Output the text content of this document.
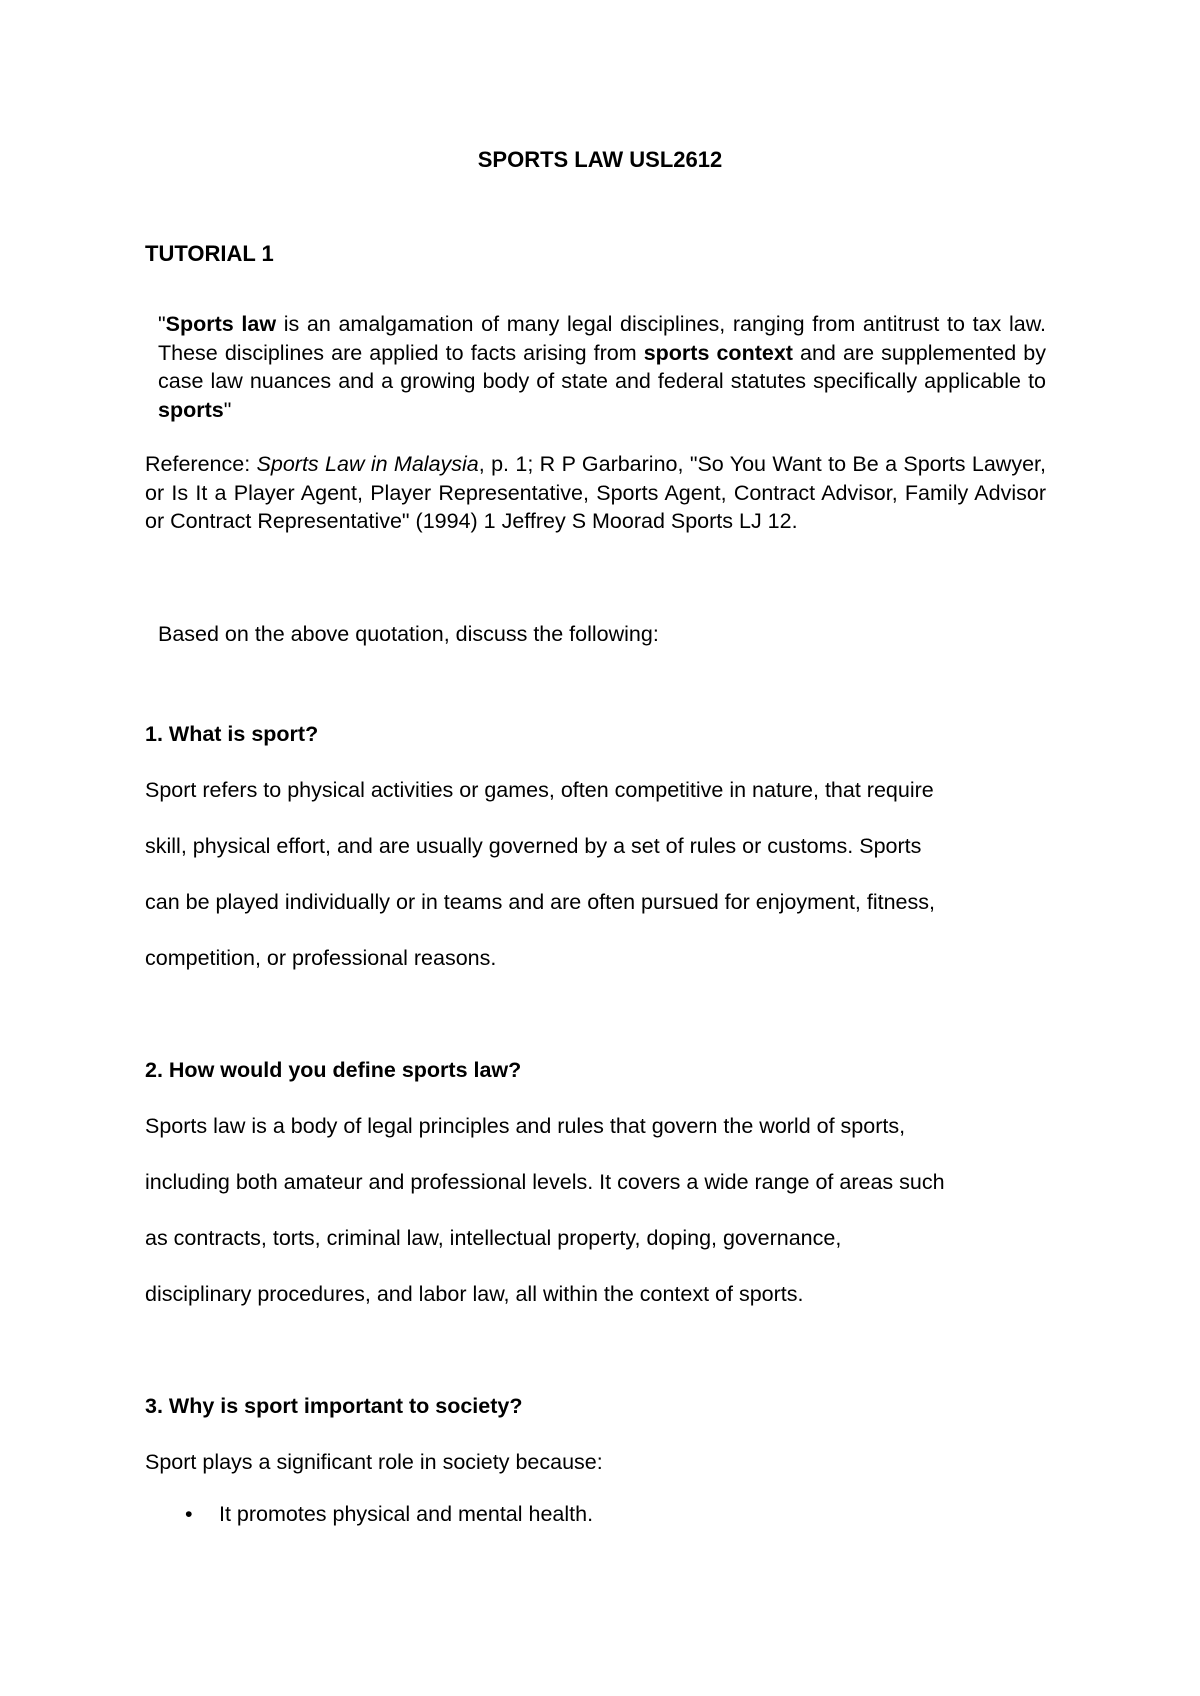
SPORTS LAW USL2612
TUTORIAL 1
"Sports law is an amalgamation of many legal disciplines, ranging from antitrust to tax law. These disciplines are applied to facts arising from sports context and are supplemented by case law nuances and a growing body of state and federal statutes specifically applicable to sports"
Reference: Sports Law in Malaysia, p. 1; R P Garbarino, "So You Want to Be a Sports Lawyer, or Is It a Player Agent, Player Representative, Sports Agent, Contract Advisor, Family Advisor or Contract Representative" (1994) 1 Jeffrey S Moorad Sports LJ 12.
Based on the above quotation, discuss the following:
1. What is sport?
Sport refers to physical activities or games, often competitive in nature, that require
skill, physical effort, and are usually governed by a set of rules or customs. Sports
can be played individually or in teams and are often pursued for enjoyment, fitness,
competition, or professional reasons.
2. How would you define sports law?
Sports law is a body of legal principles and rules that govern the world of sports,
including both amateur and professional levels. It covers a wide range of areas such
as contracts, torts, criminal law, intellectual property, doping, governance,
disciplinary procedures, and labor law, all within the context of sports.
3. Why is sport important to society?
Sport plays a significant role in society because:
• It promotes physical and mental health.
